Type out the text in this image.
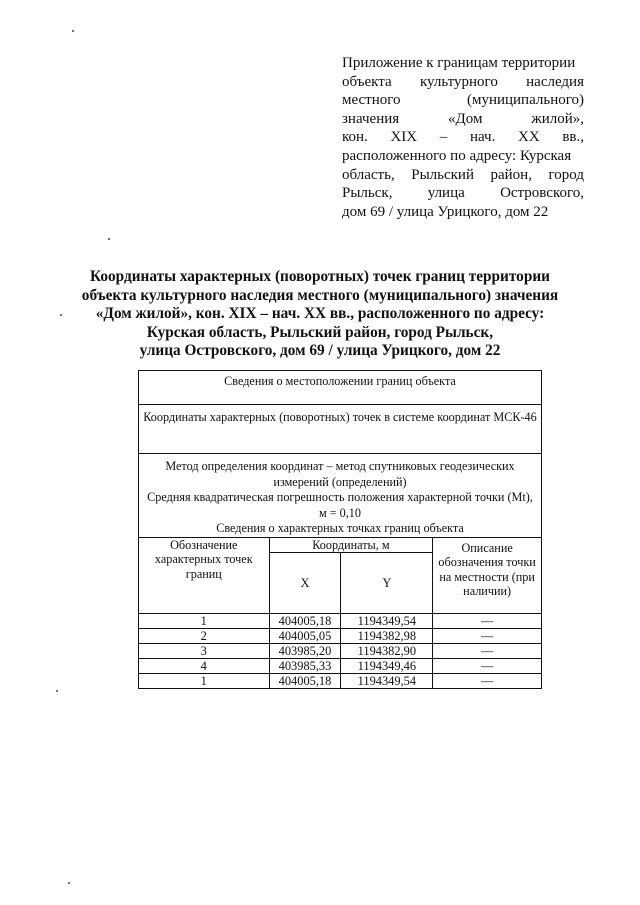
Приложение к границам территории
объекта культурного наследия
местного	(муниципального)
значения	«Дом	жилой»,
кон. XIX – нач. XX вв.,
расположенного по адресу: Курская
область, Рыльский район, город
Рыльск, улица Островского,
дом 69 / улица Урицкого, дом 22
Координаты характерных (поворотных) точек границ территории
объекта культурного наследия местного (муниципального) значения
«Дом жилой», кон. XIX – нач. XX вв., расположенного по адресу:
Курская область, Рыльский район, город Рыльск,
улица Островского, дом 69 / улица Урицкого, дом 22
Сведения о местоположении границ объекта			
Координаты характерных (поворотных) точек в системе координат МСК-46			

Метод определения координат – метод спутниковых геодезических измерений (определений)
Средняя квадратическая погрешность положения характерной точки (Mt), м = 0,10
Сведения о характерных точках границ объекта			

Обозначение характерных точек границ	Координаты, м		Описание обозначения точки на местности (при наличии)
	X	Y	
1	404005,18	1194349,54	—
2	404005,05	1194382,98	—
3	403985,20	1194382,90	—
4	403985,33	1194349,46	—
1	404005,18	1194349,54	—
